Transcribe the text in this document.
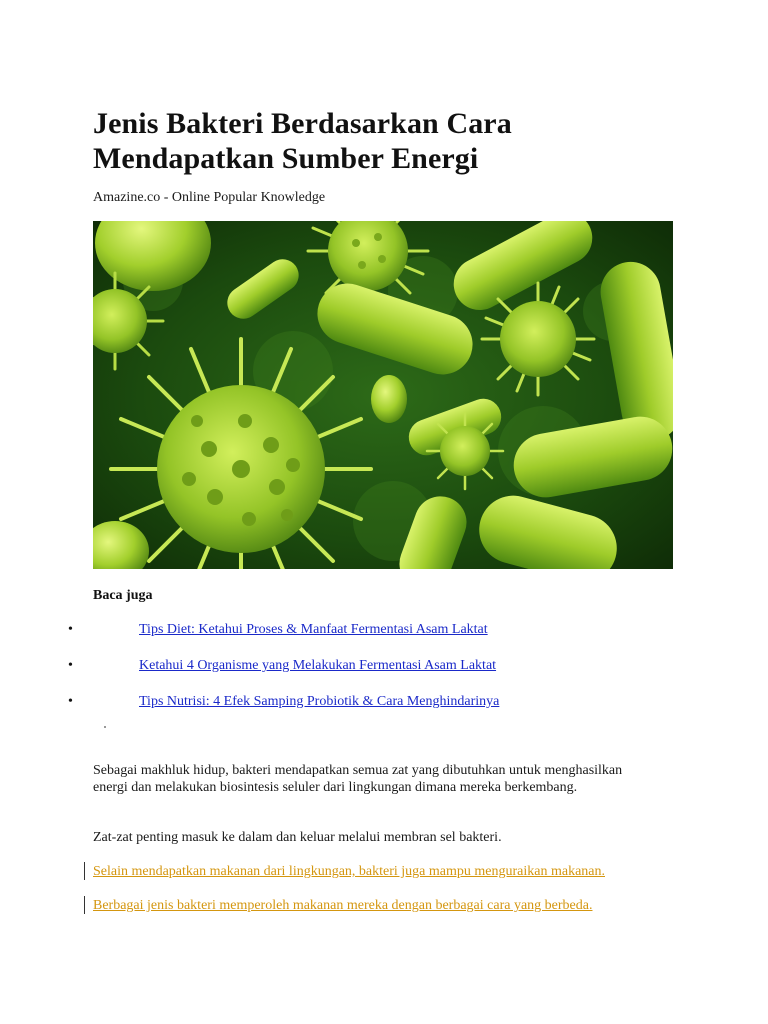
Jenis Bakteri Berdasarkan Cara Mendapatkan Sumber Energi
Amazine.co - Online Popular Knowledge
Baca juga
•	Tips Diet: Ketahui Proses & Manfaat Fermentasi Asam Laktat
•	Ketahui 4 Organisme yang Melakukan Fermentasi Asam Laktat
•	Tips Nutrisi: 4 Efek Samping Probiotik & Cara Menghindarinya

Sebagai makhluk hidup, bakteri mendapatkan semua zat yang dibutuhkan untuk menghasilkan energi dan melakukan biosintesis seluler dari lingkungan dimana mereka berkembang.

Zat-zat penting masuk ke dalam dan keluar melalui membran sel bakteri.

Selain mendapatkan makanan dari lingkungan, bakteri juga mampu menguraikan makanan.
Berbagai jenis bakteri memperoleh makanan mereka dengan berbagai cara yang berbeda.
